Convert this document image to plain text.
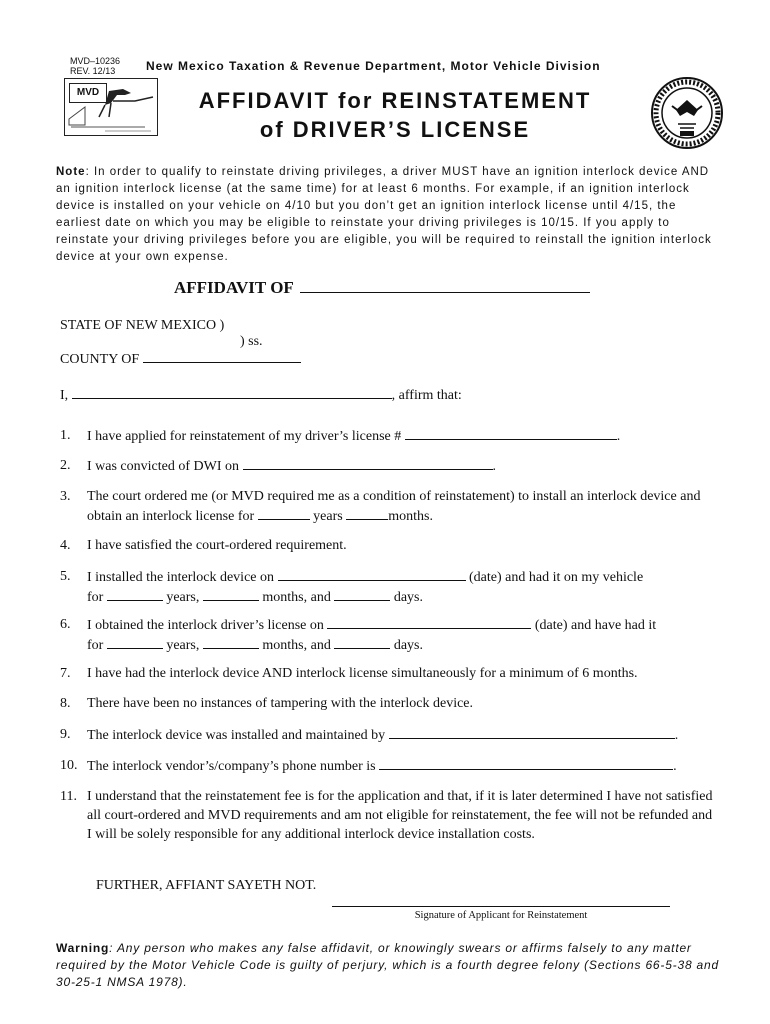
MVD–10236
REV. 12/13	New Mexico Taxation & Revenue Department, Motor Vehicle Division
MVD	AFFIDAVIT for REINSTATEMENT
of DRIVER’S LICENSE
Note: In order to qualify to reinstate driving privileges, a driver MUST have an ignition interlock device AND an ignition interlock license (at the same time) for at least 6 months. For example, if an ignition interlock device is installed on your vehicle on 4/10 but you don’t get an ignition interlock license until 4/15, the earliest date on which you may be eligible to reinstate your driving privileges is 10/15. If you apply to reinstate your driving privileges before you are eligible, you will be required to reinstall the ignition interlock device at your own expense.
AFFIDAVIT OF
STATE OF NEW MEXICO )
) ss.
COUNTY OF
I,	, affirm that:
1. I have applied for reinstatement of my driver’s license #	.
2. I was convicted of DWI on	.
3. The court ordered me (or MVD required me as a condition of reinstatement) to install an interlock device and obtain an interlock license for	years	months.
4. I have satisfied the court-ordered requirement.
5. I installed the interlock device on	(date) and had it on my vehicle
for	years,	months, and	days.
6. I obtained the interlock driver’s license on	(date) and have had it
for	years,	months, and	days.
7. I have had the interlock device AND interlock license simultaneously for a minimum of 6 months.
8. There have been no instances of tampering with the interlock device.
9. The interlock device was installed and maintained by	.
10. The interlock vendor’s/company’s phone number is	.
11. I understand that the reinstatement fee is for the application and that, if it is later determined I have not satisfied all court-ordered and MVD requirements and am not eligible for reinstatement, the fee will not be refunded and I will be solely responsible for any additional interlock device installation costs.
FURTHER, AFFIANT SAYETH NOT.
Signature of Applicant for Reinstatement
Warning: Any person who makes any false affidavit, or knowingly swears or affirms falsely to any matter required by the Motor Vehicle Code is guilty of perjury, which is a fourth degree felony (Sections 66-5-38 and 30-25-1 NMSA 1978).
